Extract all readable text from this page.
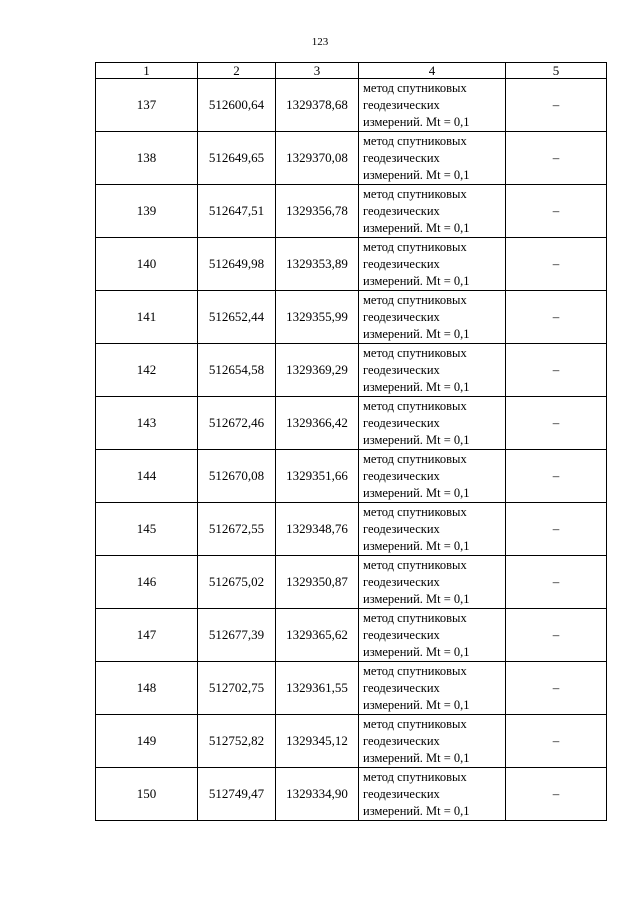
123
1	2	3	4	5
137	512600,64	1329378,68	метод спутниковых
геодезических
измерений. Mt = 0,1	–
138	512649,65	1329370,08	метод спутниковых
геодезических
измерений. Mt = 0,1	–
139	512647,51	1329356,78	метод спутниковых
геодезических
измерений. Mt = 0,1	–
140	512649,98	1329353,89	метод спутниковых
геодезических
измерений. Mt = 0,1	–
141	512652,44	1329355,99	метод спутниковых
геодезических
измерений. Mt = 0,1	–
142	512654,58	1329369,29	метод спутниковых
геодезических
измерений. Mt = 0,1	–
143	512672,46	1329366,42	метод спутниковых
геодезических
измерений. Mt = 0,1	–
144	512670,08	1329351,66	метод спутниковых
геодезических
измерений. Mt = 0,1	–
145	512672,55	1329348,76	метод спутниковых
геодезических
измерений. Mt = 0,1	–
146	512675,02	1329350,87	метод спутниковых
геодезических
измерений. Mt = 0,1	–
147	512677,39	1329365,62	метод спутниковых
геодезических
измерений. Mt = 0,1	–
148	512702,75	1329361,55	метод спутниковых
геодезических
измерений. Mt = 0,1	–
149	512752,82	1329345,12	метод спутниковых
геодезических
измерений. Mt = 0,1	–
150	512749,47	1329334,90	метод спутниковых
геодезических
измерений. Mt = 0,1	–
